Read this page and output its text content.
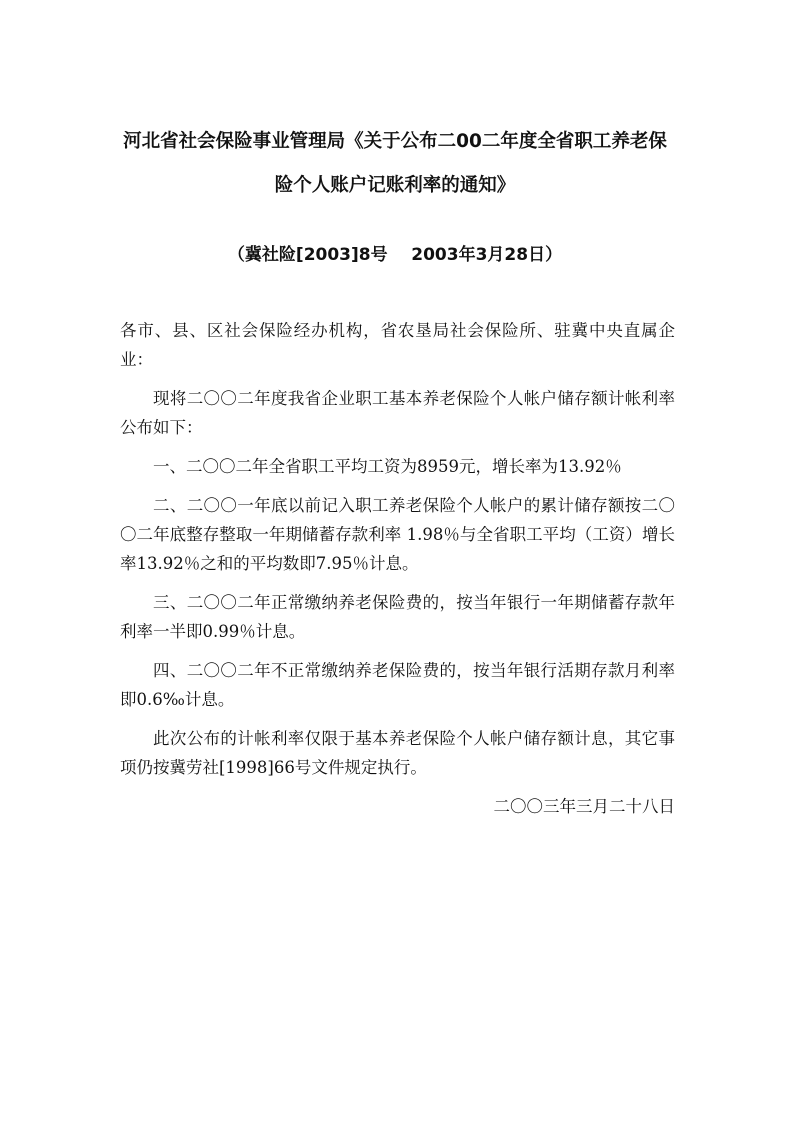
河北省社会保险事业管理局《关于公布二00二年度全省职工养老保
险个人账户记账利率的通知》
（冀社险[2003]8号    2003年3月28日）

各市、县、区社会保险经办机构，省农垦局社会保险所、驻冀中央直属企业：

现将二〇〇二年度我省企业职工基本养老保险个人帐户储存额计帐利率公布如下：

一、二〇〇二年全省职工平均工资为8959元，增长率为13.92％

二、二〇〇一年底以前记入职工养老保险个人帐户的累计储存额按二〇〇二年底整存整取一年期储蓄存款利率 1.98％与全省职工平均（工资）增长率13.92％之和的平均数即7.95％计息。

三、二〇〇二年正常缴纳养老保险费的，按当年银行一年期储蓄存款年利率一半即0.99％计息。

四、二〇〇二年不正常缴纳养老保险费的，按当年银行活期存款月利率即0.6‰计息。

此次公布的计帐利率仅限于基本养老保险个人帐户储存额计息，其它事项仍按冀劳社[1998]66号文件规定执行。

二〇〇三年三月二十八日
